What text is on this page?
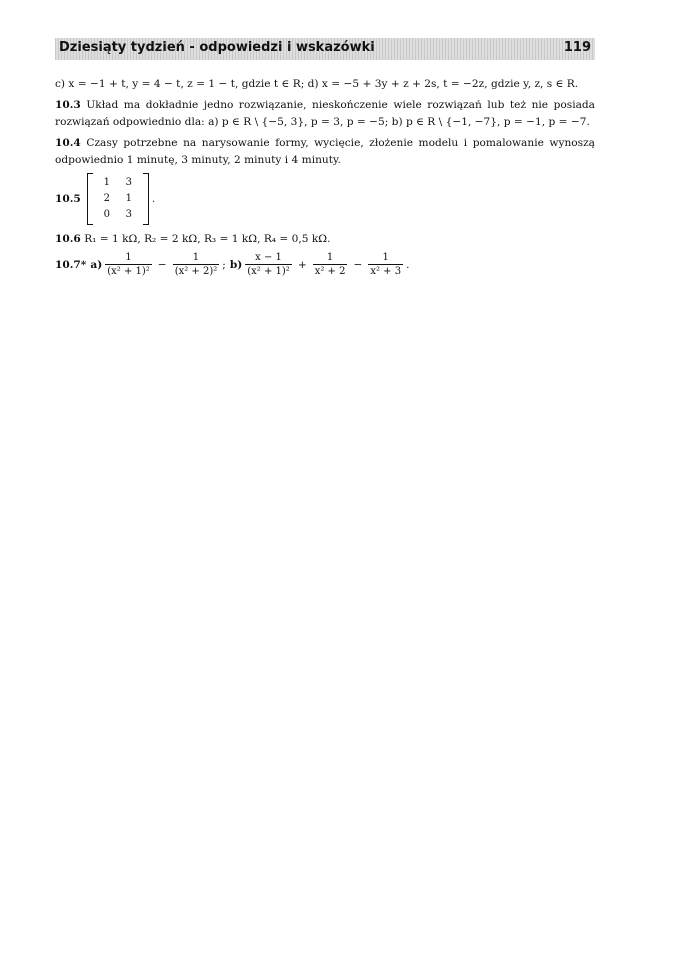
Dziesiąty tydzień - odpowiedzi i wskazówki	119

c) x = −1 + t, y = 4 − t, z = 1 − t, gdzie t ∈ R; d) x = −5 + 3y + z + 2s, t = −2z, gdzie y, z, s ∈ R.

10.3 Układ ma dokładnie jedno rozwiązanie, nieskończenie wiele rozwiązań lub też nie posiada rozwiązań odpowiednio dla: a) p ∈ R \ {−5, 3}, p = 3, p = −5; b) p ∈ R \ {−1, −7}, p = −1, p = −7.

10.4 Czasy potrzebne na narysowanie formy, wycięcie, złożenie modelu i pomalowanie wynoszą odpowiednio 1 minutę, 3 minuty, 2 minuty i 4 minuty.

10.5
1	3
2	1
0	3
.

10.6 R₁ = 1 kΩ, R₂ = 2 kΩ, R₃ = 1 kΩ, R₄ = 0,5 kΩ.

10.7* $a) \frac{1}{\text{(x² + 1)²}} - \frac{1}{\text{(x² + 2)²}}$ ; $b) \frac{x - 1}{\text{(x² + 1)²}} + \frac{1}{\text{x² + 2}} - \frac{1}{\text{x² + 3}}$ .
